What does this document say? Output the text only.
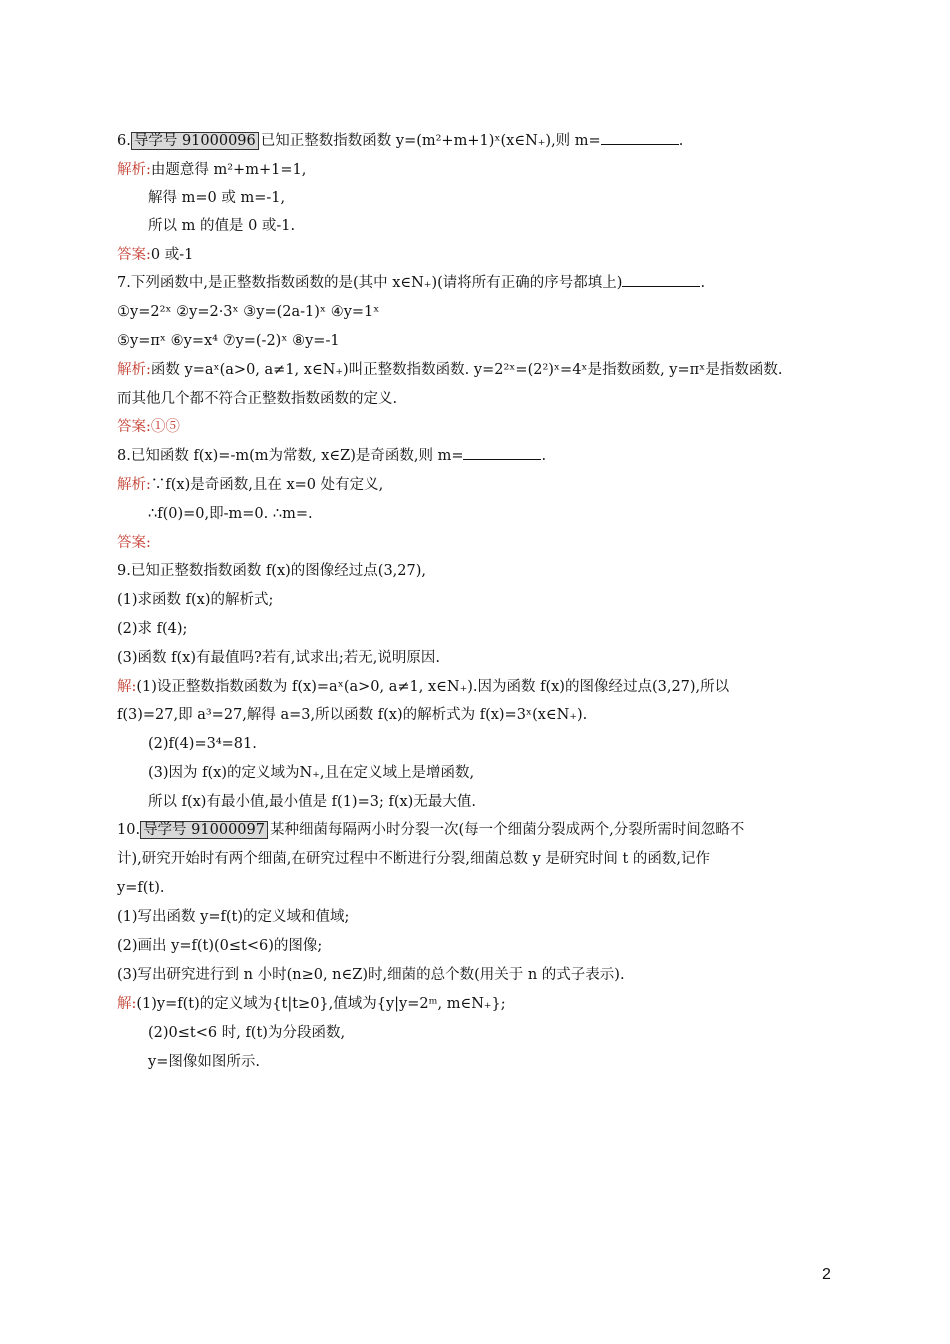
6. 导学号 91000096 已知正整数指数函数 y=(m²+m+1)ˣ(x∈N₊),则 m=	.
解析:由题意得 m²+m+1=1,
解得 m=0 或 m=-1,
所以 m 的值是 0 或-1.
答案:0 或-1
7.下列函数中,是正整数指数函数的是(其中 x∈N₊)(请将所有正确的序号都填上)	.
①y=2²ˣ ②y=2·3ˣ ③y=(2a-1)ˣ ④y=1ˣ
⑤y=πˣ ⑥y=x⁴ ⑦y=(-2)ˣ ⑧y=-1
解析:函数 y=aˣ(a>0, a≠1, x∈N₊)叫正整数指数函数. y=2²ˣ=(2²)ˣ=4ˣ是指数函数, y=πˣ是指数函数.
而其他几个都不符合正整数指数函数的定义.
答案:①⑤
8.已知函数 f(x)=-m(m为常数, x∈Z)是奇函数,则 m=	.
解析:∵f(x)是奇函数,且在 x=0 处有定义,
∴f(0)=0,即-m=0. ∴m=.
答案:
9.已知正整数指数函数 f(x)的图像经过点(3,27),
(1)求函数 f(x)的解析式;
(2)求 f(4);
(3)函数 f(x)有最值吗?若有,试求出;若无,说明原因.
解:(1)设正整数指数函数为 f(x)=aˣ(a>0, a≠1, x∈N₊).因为函数 f(x)的图像经过点(3,27),所以
f(3)=27,即 a³=27,解得 a=3,所以函数 f(x)的解析式为 f(x)=3ˣ(x∈N₊).
(2)f(4)=3⁴=81.
(3)因为 f(x)的定义域为N₊,且在定义域上是增函数,
所以 f(x)有最小值,最小值是 f(1)=3; f(x)无最大值.
10. 导学号 91000097 某种细菌每隔两小时分裂一次(每一个细菌分裂成两个,分裂所需时间忽略不
计),研究开始时有两个细菌,在研究过程中不断进行分裂,细菌总数 y 是研究时间 t 的函数,记作
y=f(t).
(1)写出函数 y=f(t)的定义域和值域;
(2)画出 y=f(t)(0≤t<6)的图像;
(3)写出研究进行到 n 小时(n≥0, n∈Z)时,细菌的总个数(用关于 n 的式子表示).
解:(1)y=f(t)的定义域为{t|t≥0},值域为{y|y=2ᵐ, m∈N₊};
(2)0≤t<6 时, f(t)为分段函数,
y=图像如图所示.
2
